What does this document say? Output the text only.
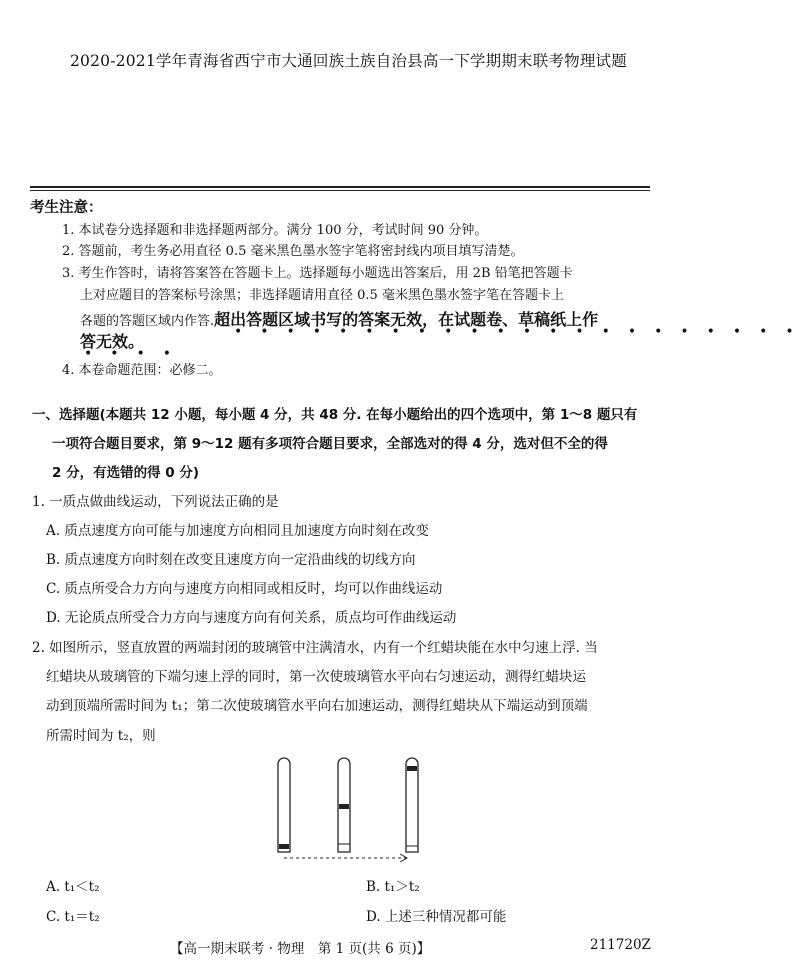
2020-2021学年青海省西宁市大通回族土族自治县高一下学期期末联考物理试题
考生注意：
1. 本试卷分选择题和非选择题两部分。满分 100 分，考试时间 90 分钟。
2. 答题前，考生务必用直径 0.5 毫米黑色墨水签字笔将密封线内项目填写清楚。
3. 考生作答时，请将答案答在答题卡上。选择题每小题选出答案后，用 2B 铅笔把答题卡
上对应题目的答案标号涂黑；非选择题请用直径 0.5 毫米黑色墨水签字笔在答题卡上
各题的答题区域内作答.超出答题区域书写的答案无效，在试题卷、草稿纸上作
••••••••••••••••••••••
答无效。
••••
4. 本卷命题范围：必修二。
一、选择题(本题共 12 小题，每小题 4 分，共 48 分. 在每小题给出的四个选项中，第 1～8 题只有
一项符合题目要求，第 9～12 题有多项符合题目要求，全部选对的得 4 分，选对但不全的得
2 分，有选错的得 0 分)
1. 一质点做曲线运动，下列说法正确的是
A. 质点速度方向可能与加速度方向相同且加速度方向时刻在改变
B. 质点速度方向时刻在改变且速度方向一定沿曲线的切线方向
C. 质点所受合力方向与速度方向相同或相反时，均可以作曲线运动
D. 无论质点所受合力方向与速度方向有何关系，质点均可作曲线运动
2. 如图所示，竖直放置的两端封闭的玻璃管中注满清水，内有一个红蜡块能在水中匀速上浮. 当
红蜡块从玻璃管的下端匀速上浮的同时，第一次使玻璃管水平向右匀速运动，测得红蜡块运
动到顶端所需时间为 t₁；第二次使玻璃管水平向右加速运动，测得红蜡块从下端运动到顶端
所需时间为 t₂，则
A. t₁＜t₂	B. t₁＞t₂
C. t₁＝t₂	D. 上述三种情况都可能
【高一期末联考 · 物理　第 1 页(共 6 页)】	211720Z
